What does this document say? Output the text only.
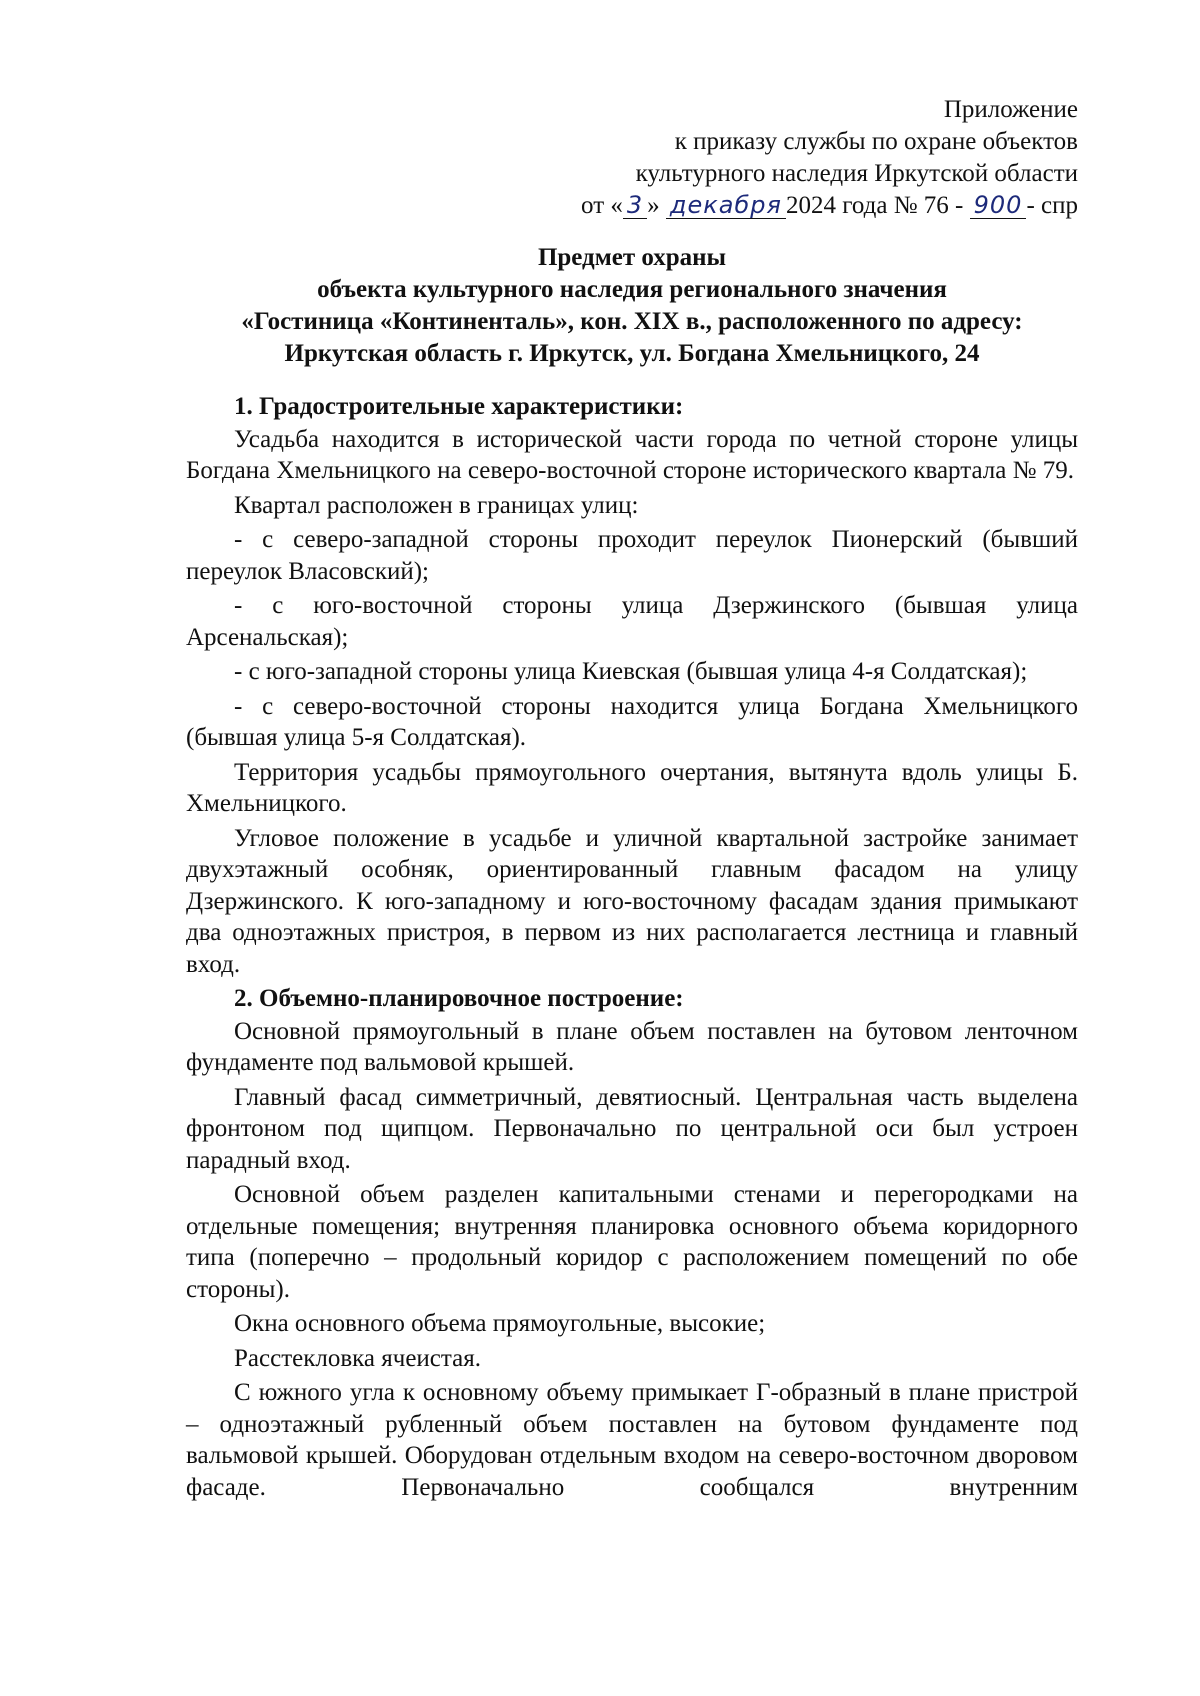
Приложение
к приказу службы по охране объектов
культурного наследия Иркутской области
от « 3 » декабря 2024 года № 76 - 900 - спр
Предмет охраны
объекта культурного наследия регионального значения
«Гостиница «Континенталь», кон. XIX в., расположенного по адресу:
Иркутская область г. Иркутск, ул. Богдана Хмельницкого, 24
1. Градостроительные характеристики:
Усадьба находится в исторической части города по четной стороне улицы Богдана Хмельницкого на северо-восточной стороне исторического квартала № 79.
Квартал расположен в границах улиц:
- с северо-западной стороны проходит переулок Пионерский (бывший переулок Власовский);
- с юго-восточной стороны улица Дзержинского (бывшая улица Арсенальская);
- с юго-западной стороны улица Киевская (бывшая улица 4-я Солдатская);
- с северо-восточной стороны находится улица Богдана Хмельницкого (бывшая улица 5-я Солдатская).
Территория усадьбы прямоугольного очертания, вытянута вдоль улицы Б. Хмельницкого.
Угловое положение в усадьбе и уличной квартальной застройке занимает двухэтажный особняк, ориентированный главным фасадом на улицу Дзержинского. К юго-западному и юго-восточному фасадам здания примыкают два одноэтажных пристроя, в первом из них располагается лестница и главный вход.
2. Объемно-планировочное построение:
Основной прямоугольный в плане объем поставлен на бутовом ленточном фундаменте под вальмовой крышей.
Главный фасад симметричный, девятиосный. Центральная часть выделена фронтоном под щипцом. Первоначально по центральной оси был устроен парадный вход.
Основной объем разделен капитальными стенами и перегородками на отдельные помещения; внутренняя планировка основного объема коридорного типа (поперечно – продольный коридор с расположением помещений по обе стороны).
Окна основного объема прямоугольные, высокие;
Расстекловка ячеистая.
С южного угла к основному объему примыкает Г-образный в плане пристрой – одноэтажный рубленный объем поставлен на бутовом фундаменте под вальмовой крышей. Оборудован отдельным входом на северо-восточном дворовом фасаде. Первоначально сообщался внутренним
